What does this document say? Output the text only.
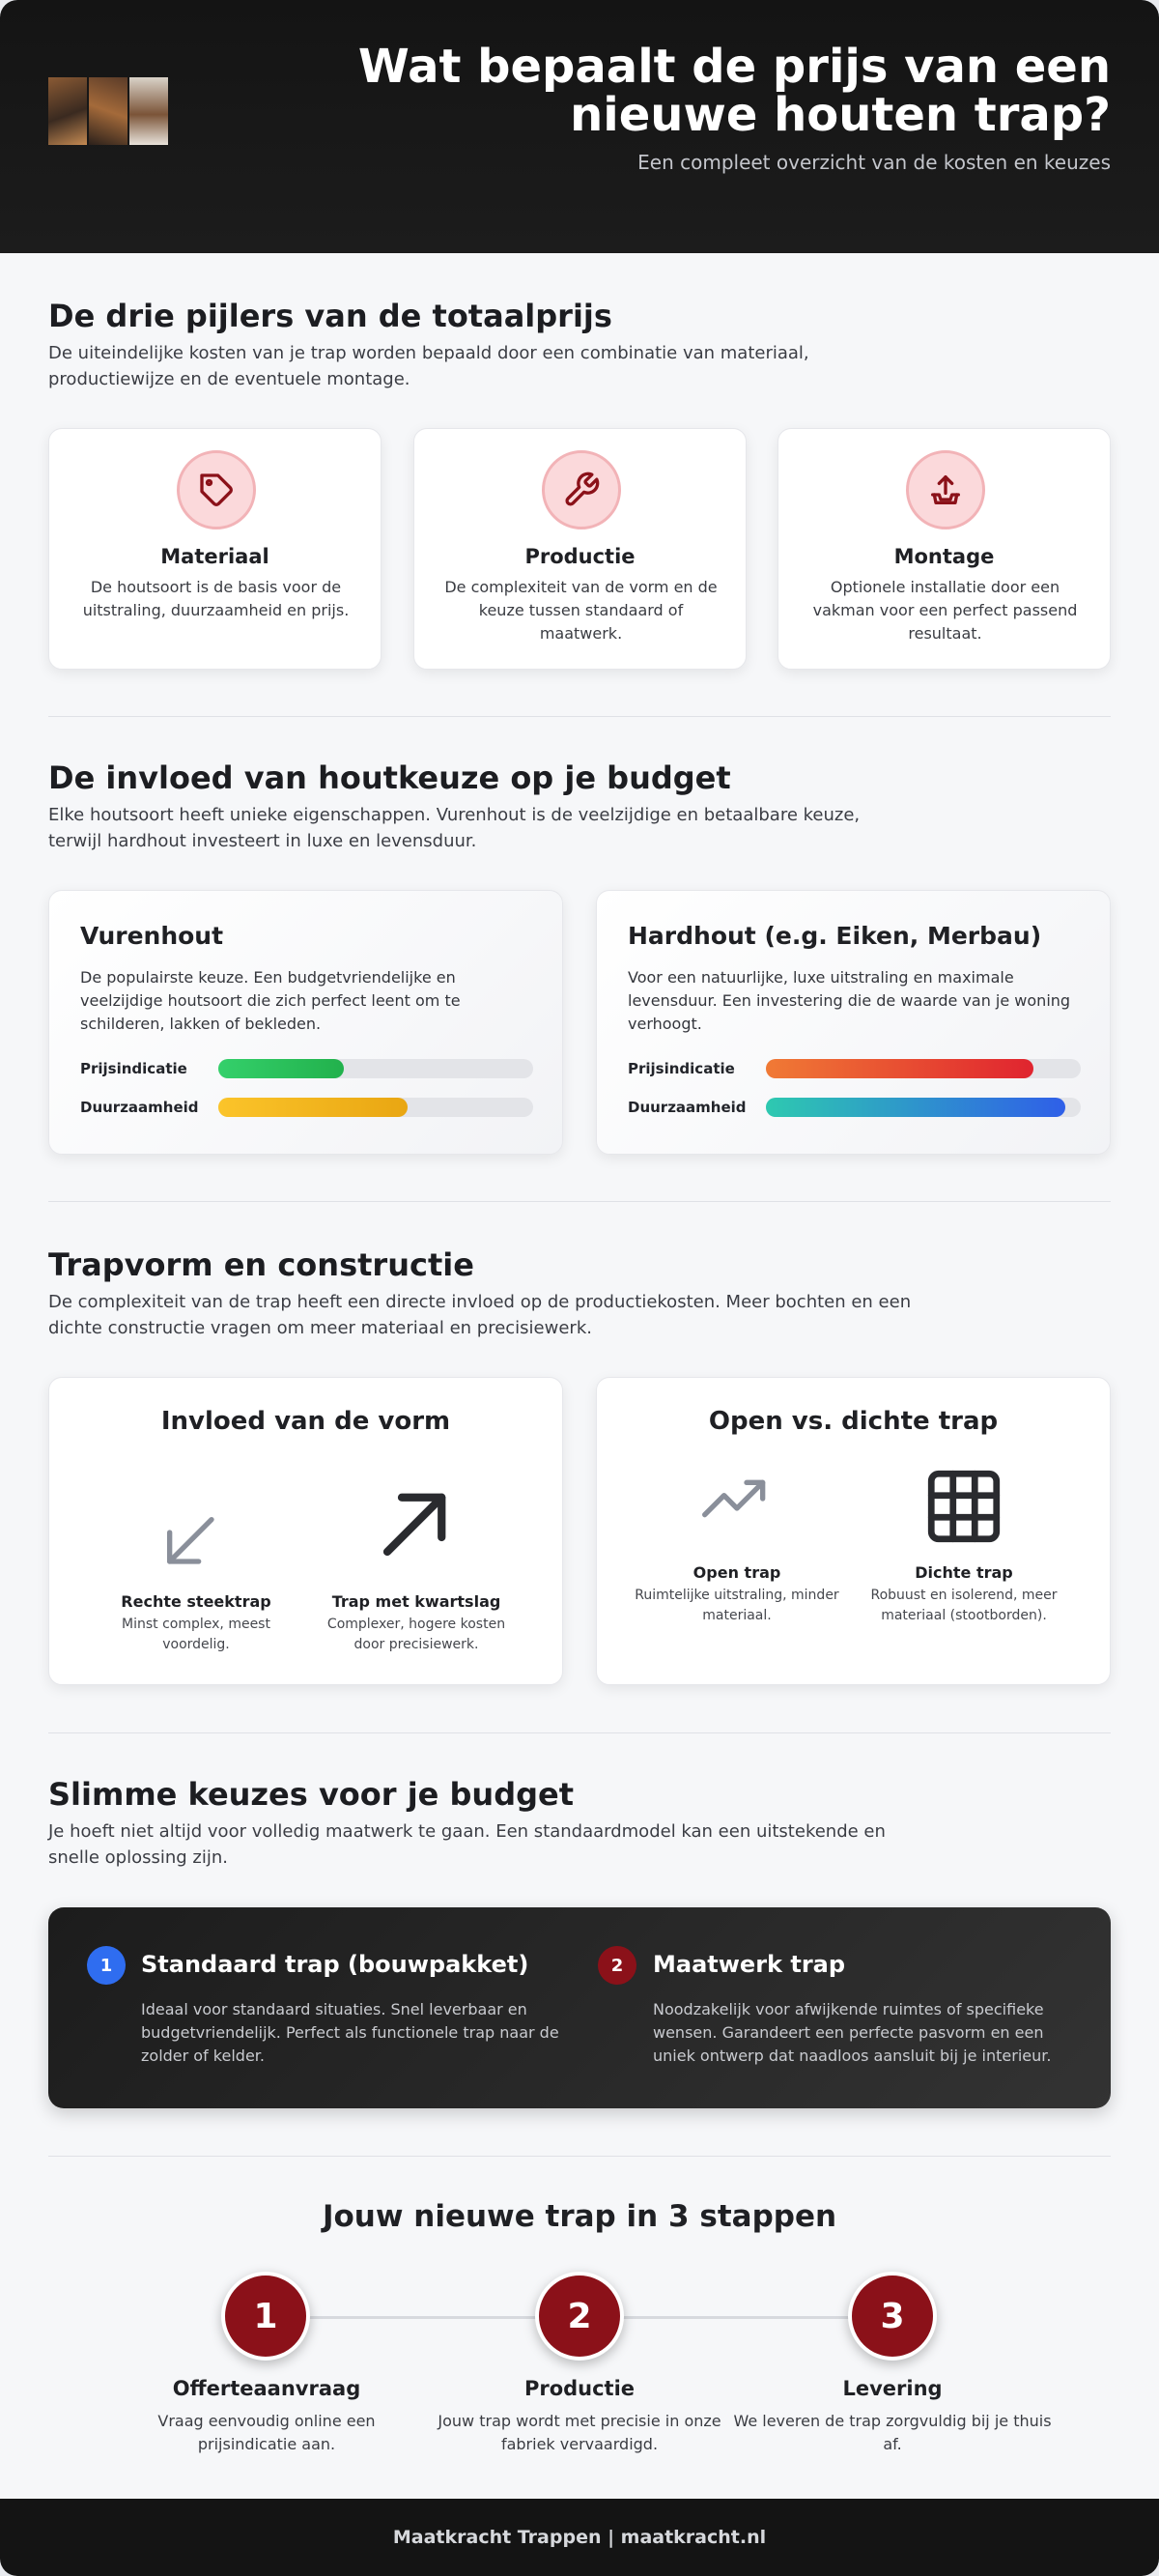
Wat bepaalt de prijs van een nieuwe houten trap?
Een compleet overzicht van de kosten en keuzes
De drie pijlers van de totaalprijs

De uiteindelijke kosten van je trap worden bepaald door een combinatie van materiaal, productiewijze en de eventuele montage.

Materiaal

De houtsoort is de basis voor de uitstraling, duurzaamheid en prijs.

Productie

De complexiteit van de vorm en de keuze tussen standaard of maatwerk.

Montage

Optionele installatie door een vakman voor een perfect passend resultaat.

De invloed van houtkeuze op je budget

Elke houtsoort heeft unieke eigenschappen. Vurenhout is de veelzijdige en betaalbare keuze, terwijl hardhout investeert in luxe en levensduur.

Vurenhout

De populairste keuze. Een budgetvriendelijke en veelzijdige houtsoort die zich perfect leent om te schilderen, lakken of bekleden.

Prijsindicatie
Duurzaamheid
Hardhout (e.g. Eiken, Merbau)

Voor een natuurlijke, luxe uitstraling en maximale levensduur. Een investering die de waarde van je woning verhoogt.

Prijsindicatie
Duurzaamheid
Trapvorm en constructie

De complexiteit van de trap heeft een directe invloed op de productiekosten. Meer bochten en een dichte constructie vragen om meer materiaal en precisiewerk.

Invloed van de vorm
Rechte steektrap
Minst complex, meest voordelig.
Trap met kwartslag
Complexer, hogere kosten door precisiewerk.
Open vs. dichte trap
Open trap
Ruimtelijke uitstraling, minder materiaal.
Dichte trap
Robuust en isolerend, meer materiaal (stootborden).
Slimme keuzes voor je budget

Je hoeft niet altijd voor volledig maatwerk te gaan. Een standaardmodel kan een uitstekende en snelle oplossing zijn.

1	Standaard trap (bouwpakket)

Ideaal voor standaard situaties. Snel leverbaar en budgetvriendelijk. Perfect als functionele trap naar de zolder of kelder.

2	Maatwerk trap

Noodzakelijk voor afwijkende ruimtes of specifieke wensen. Garandeert een perfecte pasvorm en een uniek ontwerp dat naadloos aansluit bij je interieur.

Jouw nieuwe trap in 3 stappen
1
Offerteaanvraag
Vraag eenvoudig online een prijsindicatie aan.
2
Productie
Jouw trap wordt met precisie in onze fabriek vervaardigd.
3
Levering
We leveren de trap zorgvuldig bij je thuis af.
Maatkracht Trappen | maatkracht.nl
